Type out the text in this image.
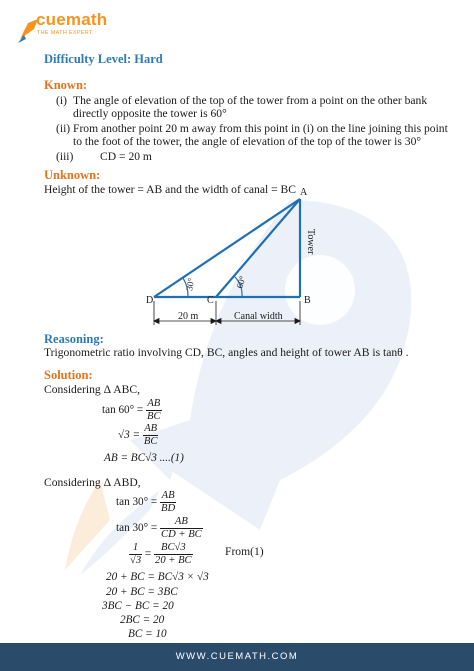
cuemath
THE MATH EXPERT
Difficulty Level: Hard
Known:
(i) The angle of elevation of the top of the tower from a point on the other bank
directly opposite the tower is 60°
(ii) From another point 20 m away from this point in (i) on the line joining this point
to the foot of the tower, the angle of elevation of the top of the tower is 30°
(iii) CD = 20 m
Unknown:
Height of the tower = AB and the width of canal = BC A
B
C
D
20 m	Canal width
30°	60°
Tower
Reasoning:
Trigonometric ratio involving CD, BC, angles and height of tower AB is tanθ .
Solution:
Considering Δ ABC,
$\tan 60^\circ = \frac{AB}{BC}$
$√3 = \frac{AB}{BC}$
AB = BC√3 ....(1)
Considering Δ ABD,
$\tan 30^\circ = \frac{AB}{BD}$
$\tan 30^\circ = \frac{AB}{CD + BC}$
$\frac{1}{√3} = \frac{BC√3}{20 + BC}$	From(1)
20 + BC = BC√3 × √3
20 + BC = 3BC
3BC − BC = 20
2BC = 20
BC = 10
WWW.CUEMATH.COM
